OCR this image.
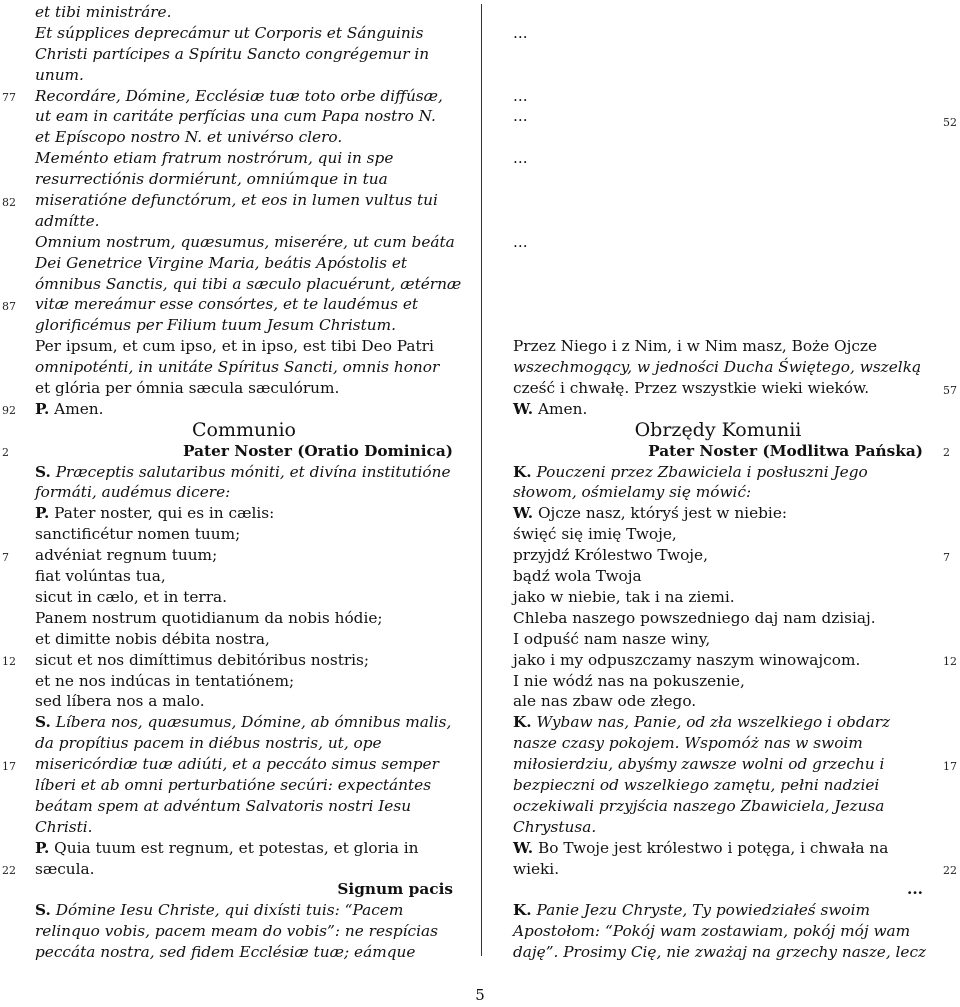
et tibi ministráre.
Et súpplices deprecámur ut Corporis et Sánguinis
Christi partícipes a Spíritu Sancto congrégemur in
unum.
Recordáre, Dómine, Ecclésiæ tuæ toto orbe diffúsæ,
ut eam in caritáte perfícias una cum Papa nostro N.
et Epíscopo nostro N. et univérso clero.
Meménto etiam fratrum nostrórum, qui in spe
resurrectiónis dormiérunt, omniúmque in tua
miseratióne defunctórum, et eos in lumen vultus tui
admítte.
Omnium nostrum, quæsumus, miserére, ut cum beáta
Dei Genetrice Virgine Maria, beátis Apóstolis et
ómnibus Sanctis, qui tibi a sæculo placuérunt, ætérnæ
vitæ mereámur esse consórtes, et te laudémus et
glorificémus per Filium tuum Jesum Christum.
Per ipsum, et cum ipso, et in ipso, est tibi Deo Patri
omnipoténti, in unitáte Spíritus Sancti, omnis honor
et glória per ómnia sæcula sæculórum.
P. Amen.
Communio
Pater Noster (Oratio Dominica)
S. Præceptis salutaribus móniti, et divína institutióne
formáti, audémus dicere:
P. Pater noster, qui es in cælis:
sanctificétur nomen tuum;
advéniat regnum tuum;
fiat volúntas tua,
sicut in cælo, et in terra.
Panem nostrum quotidianum da nobis hódie;
et dimitte nobis débita nostra,
sicut et nos dimíttimus debitóribus nostris;
et ne nos indúcas in tentatiónem;
sed líbera nos a malo.
S. Líbera nos, quæsumus, Dómine, ab ómnibus malis,
da propítius pacem in diébus nostris, ut, ope
misericórdiæ tuæ adiúti, et a peccáto simus semper
líberi et ab omni perturbatióne secúri: expectántes
beátam spem at advéntum Salvatoris nostri Iesu
Christi.
P. Quia tuum est regnum, et potestas, et gloria in
sæcula.
Signum pacis
S. Dómine Iesu Christe, qui dixísti tuis: “Pacem
relinquo vobis, pacem meam do vobis”: ne respícias
peccáta nostra, sed fidem Ecclésiæ tuæ; eámque
...
...
...
...
...
Przez Niego i z Nim, i w Nim masz, Boże Ojcze
wszechmogący, w jedności Ducha Świętego, wszelką
cześć i chwałę. Przez wszystkie wieki wieków.
W. Amen.
Obrzędy Komunii
Pater Noster (Modlitwa Pańska)
K. Pouczeni przez Zbawiciela i posłuszni Jego
słowom, ośmielamy się mówić:
W. Ojcze nasz, któryś jest w niebie:
święć się imię Twoje,
przyjdź Królestwo Twoje,
bądź wola Twoja
jako w niebie, tak i na ziemi.
Chleba naszego powszedniego daj nam dzisiaj.
I odpuść nam nasze winy,
jako i my odpuszczamy naszym winowajcom.
I nie wódź nas na pokuszenie,
ale nas zbaw ode złego.
K. Wybaw nas, Panie, od zła wszelkiego i obdarz
nasze czasy pokojem. Wspomóż nas w swoim
miłosierdziu, abyśmy zawsze wolni od grzechu i
bezpieczni od wszelkiego zamętu, pełni nadziei
oczekiwali przyjścia naszego Zbawiciela, Jezusa
Chrystusa.
W. Bo Twoje jest królestwo i potęga, i chwała na
wieki.
...
K. Panie Jezu Chryste, Ty powiedziałeś swoim
Apostołom: “Pokój wam zostawiam, pokój mój wam
daję”. Prosimy Cię, nie zważaj na grzechy nasze, lecz
77
82
87
92
2
7
12
17
22
52
57
2
7
12
17
22
5
